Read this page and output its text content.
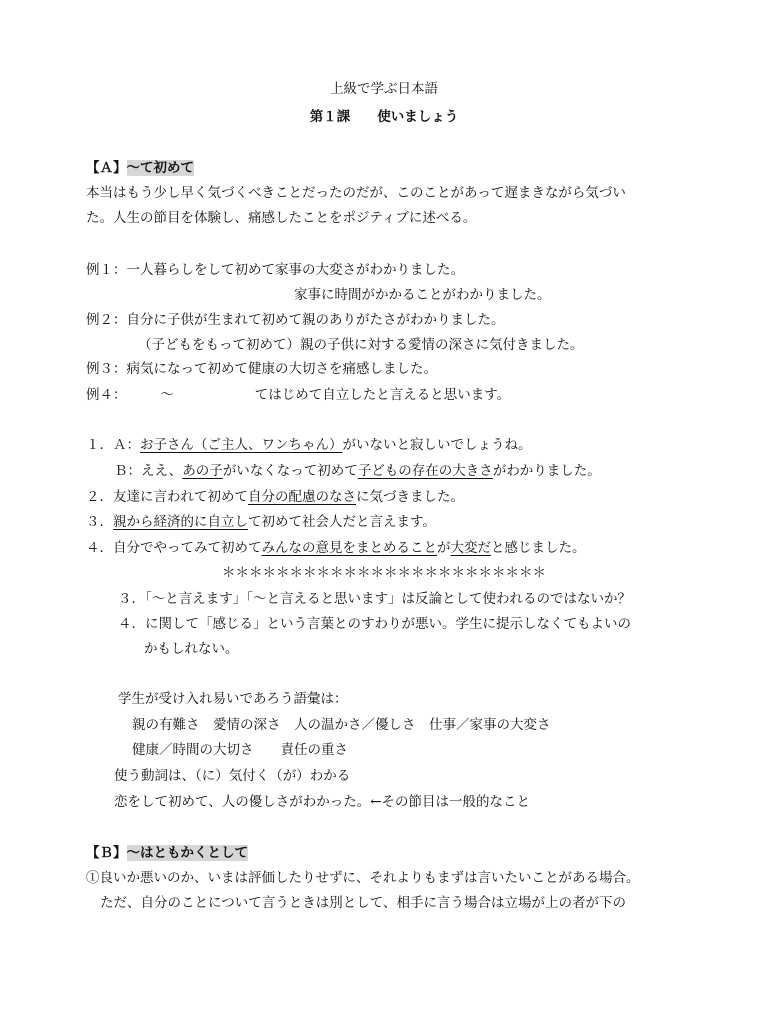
上級で学ぶ日本語
第１課　　使いましょう
【Ａ】～て初めて
本当はもう少し早く気づくべきことだったのだが、このことがあって遅まきながら気づい
た。人生の節目を体験し、痛感したことをポジティブに述べる。
例１：一人暮らしをして初めて家事の大変さがわかりました。
家事に時間がかかることがわかりました。
例２：自分に子供が生まれて初めて親のありがたさがわかりました。
（子どもをもって初めて）親の子供に対する愛情の深さに気付きました。
例３：病気になって初めて健康の大切さを痛感しました。
例４：　　　～　　　　　　てはじめて自立したと言えると思います。
１．Ａ：お子さん（ご主人、ワンちゃん）がいないと寂しいでしょうね。
Ｂ：ええ、あの子がいなくなって初めて子どもの存在の大きさがわかりました。
２．友達に言われて初めて自分の配慮のなさに気づきました。
３．親から経済的に自立して初めて社会人だと言えます。
４．自分でやってみて初めてみんなの意見をまとめることが大変だと感じました。
＊＊＊＊＊＊＊＊＊＊＊＊＊＊＊＊＊＊＊＊＊＊＊＊
３．「～と言えます」「～と言えると思います」は反論として使われるのではないか？
４．に関して「感じる」という言葉とのすわりが悪い。学生に提示しなくてもよいの
かもしれない。
学生が受け入れ易いであろう語彙は：
親の有難さ　愛情の深さ　人の温かさ／優しさ　仕事／家事の大変さ
健康／時間の大切さ　　責任の重さ
使う動詞は、（に）気付く（が）わかる
恋をして初めて、人の優しさがわかった。←その節目は一般的なこと
【Ｂ】～はともかくとして
①良いか悪いのか、いまは評価したりせずに、それよりもまずは言いたいことがある場合。
ただ、自分のことについて言うときは別として、相手に言う場合は立場が上の者が下の
